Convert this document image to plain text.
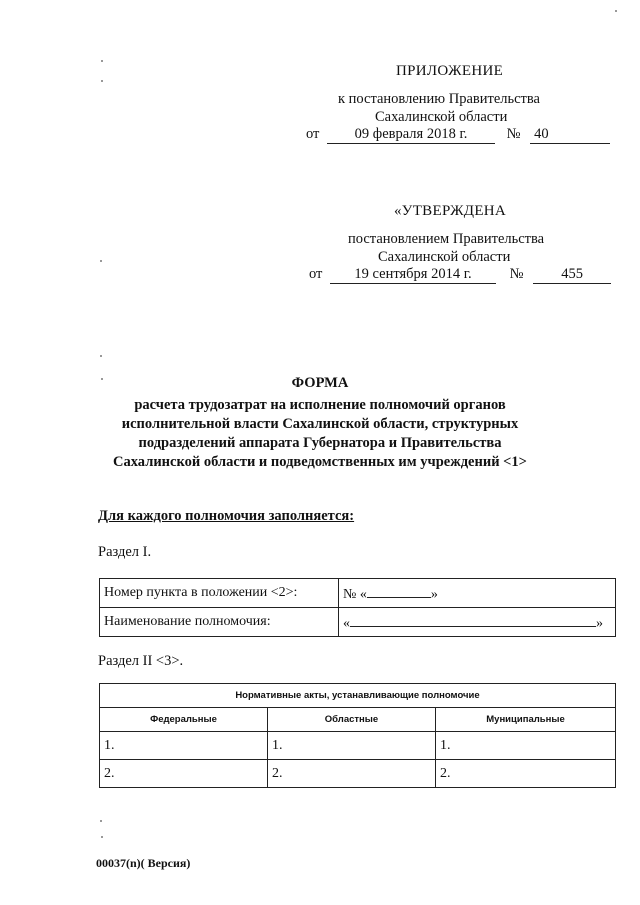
ПРИЛОЖЕНИЕ
к постановлению Правительства
Сахалинской области
от 09 февраля 2018 г.	№ 40
«УТВЕРЖДЕНА
постановлением Правительства
Сахалинской области
от 19 сентября 2014 г.	№	455
ФОРМА
расчета трудозатрат на исполнение полномочий органов
исполнительной власти Сахалинской области, структурных
подразделений аппарата Губернатора и Правительства
Сахалинской области и подведомственных им учреждений <1>
Для каждого полномочия заполняется:
Раздел I.
Номер пункта в положении <2>:	№ « »
Наименование полномочия:	« »
Раздел II <3>.
Нормативные акты, устанавливающие полномочие		
Федеральные	Областные	Муниципальные
1.	1.	1.
2.	2.	2.
00037(n)( Версия)
